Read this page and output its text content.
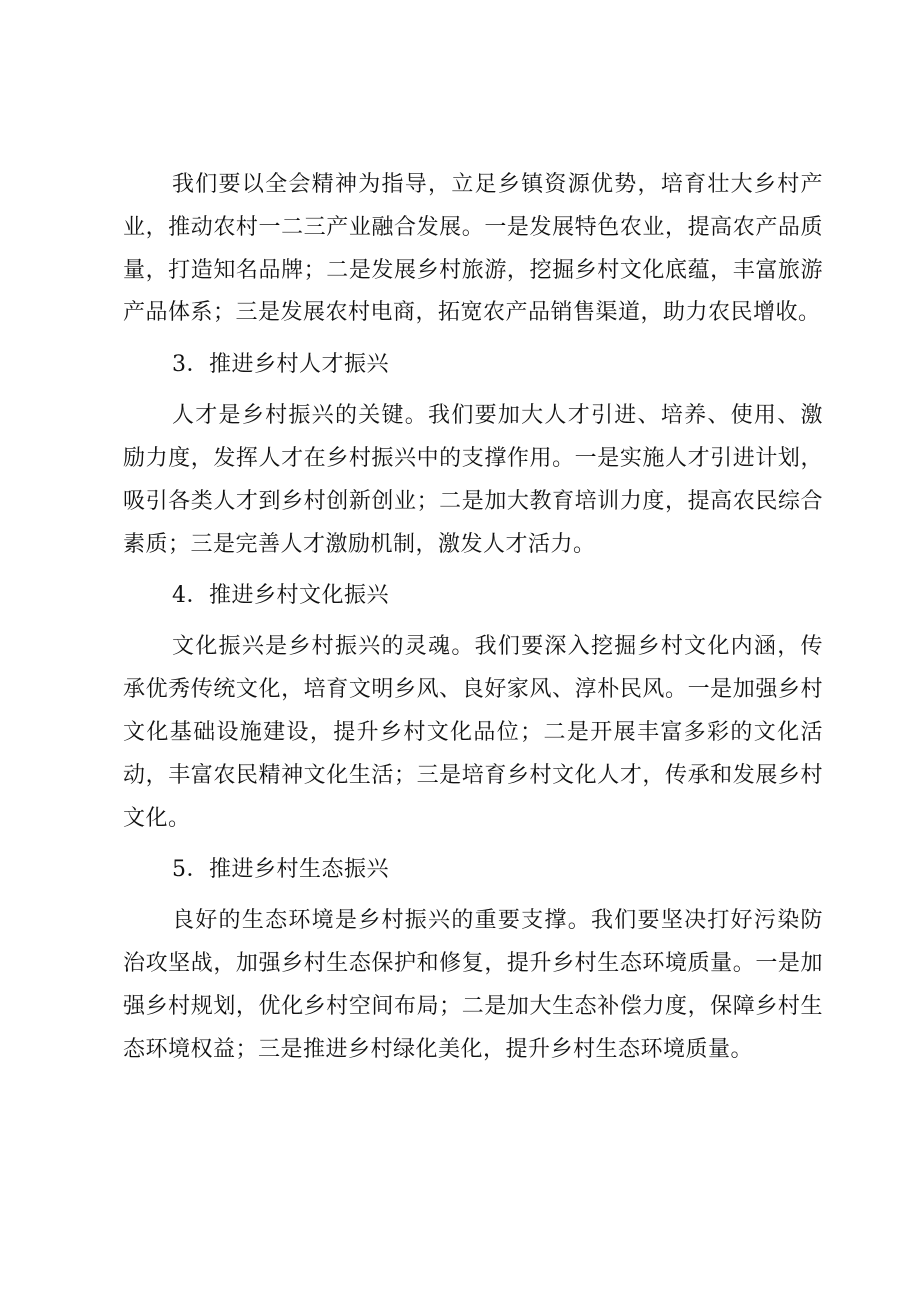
我们要以全会精神为指导，立足乡镇资源优势，培育壮大乡村产业，推动农村一二三产业融合发展。一是发展特色农业，提高农产品质量，打造知名品牌；二是发展乡村旅游，挖掘乡村文化底蕴，丰富旅游产品体系；三是发展农村电商，拓宽农产品销售渠道，助力农民增收。

3．推进乡村人才振兴

人才是乡村振兴的关键。我们要加大人才引进、培养、使用、激励力度，发挥人才在乡村振兴中的支撑作用。一是实施人才引进计划，吸引各类人才到乡村创新创业；二是加大教育培训力度，提高农民综合素质；三是完善人才激励机制，激发人才活力。

4．推进乡村文化振兴

文化振兴是乡村振兴的灵魂。我们要深入挖掘乡村文化内涵，传承优秀传统文化，培育文明乡风、良好家风、淳朴民风。一是加强乡村文化基础设施建设，提升乡村文化品位；二是开展丰富多彩的文化活动，丰富农民精神文化生活；三是培育乡村文化人才，传承和发展乡村文化。

5．推进乡村生态振兴

良好的生态环境是乡村振兴的重要支撑。我们要坚决打好污染防治攻坚战，加强乡村生态保护和修复，提升乡村生态环境质量。一是加强乡村规划，优化乡村空间布局；二是加大生态补偿力度，保障乡村生态环境权益；三是推进乡村绿化美化，提升乡村生态环境质量。
